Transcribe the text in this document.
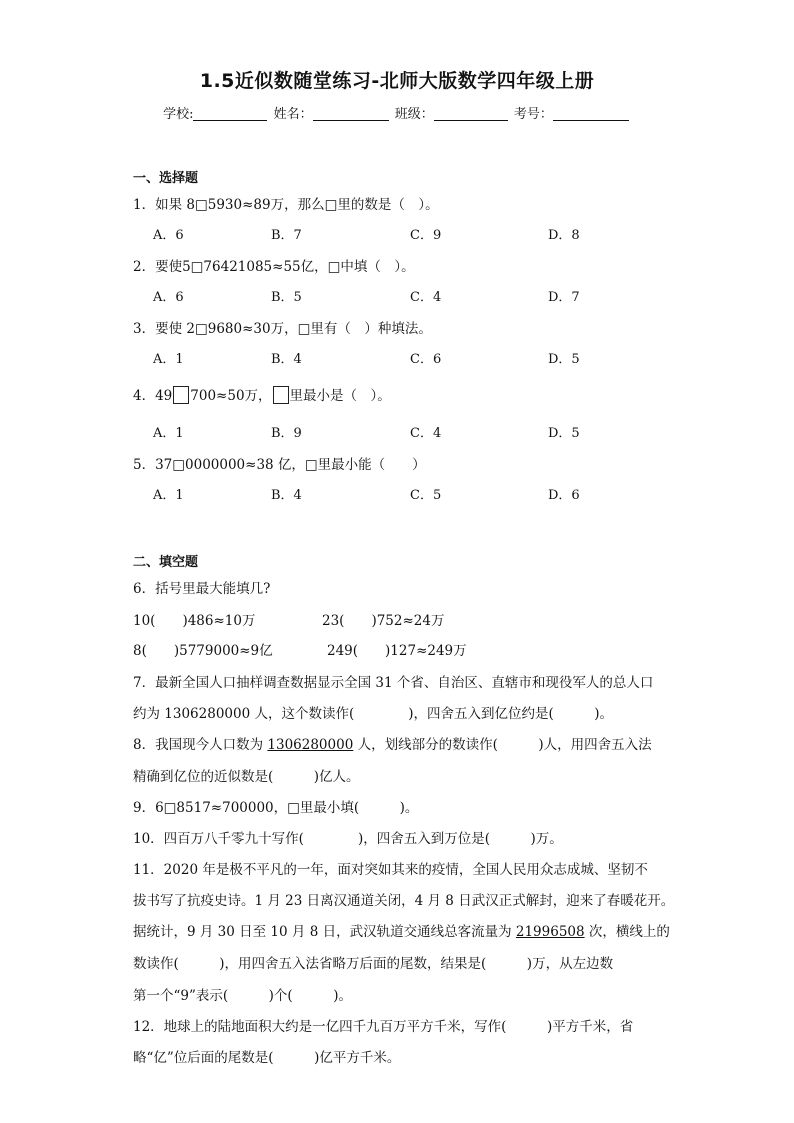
1.5近似数随堂练习-北师大版数学四年级上册
学校:	姓名：	班级：	考号：
一、选择题
1．如果 8□5930≈89万，那么□里的数是（　）。
A．6	B．7	C．9	D．8
2．要使5□76421085≈55亿，□中填（　）。
A．6	B．5	C．4	D．7
3．要使 2□9680≈30万，□里有（　）种填法。
A．1	B．4	C．6	D．5
4．49 700≈50万， 里最小是（　）。
A．1	B．9	C．4	D．5
5．37□0000000≈38 亿，□里最小能（　　）
A．1	B．4	C．5	D．6
二、填空题
6．括号里最大能填几?
10(　　)486≈10万	23(　　)752≈24万
8(　　)5779000≈9亿	249(　　)127≈249万
7．最新全国人口抽样调查数据显示全国 31 个省、自治区、直辖市和现役军人的总人口
约为 1306280000 人，这个数读作(　　　　)，四舍五入到亿位约是(　　　)。
8．我国现今人口数为 1306280000 人，划线部分的数读作(　　　)人，用四舍五入法
精确到亿位的近似数是(　　　)亿人。
9．6□8517≈700000，□里最小填(　　　)。
10．四百万八千零九十写作(　　　　)，四舍五入到万位是(　　　)万。
11．2020 年是极不平凡的一年，面对突如其来的疫情，全国人民用众志成城、坚韧不
拔书写了抗疫史诗。1 月 23 日离汉通道关闭，4 月 8 日武汉正式解封，迎来了春暖花开。
据统计，9 月 30 日至 10 月 8 日，武汉轨道交通线总客流量为 21996508 次，横线上的
数读作(　　　)，用四舍五入法省略万后面的尾数，结果是(　　　)万，从左边数
第一个“9”表示(　　　)个(　　　)。
12．地球上的陆地面积大约是一亿四千九百万平方千米，写作(　　　)平方千米，省
略“亿”位后面的尾数是(　　　)亿平方千米。
